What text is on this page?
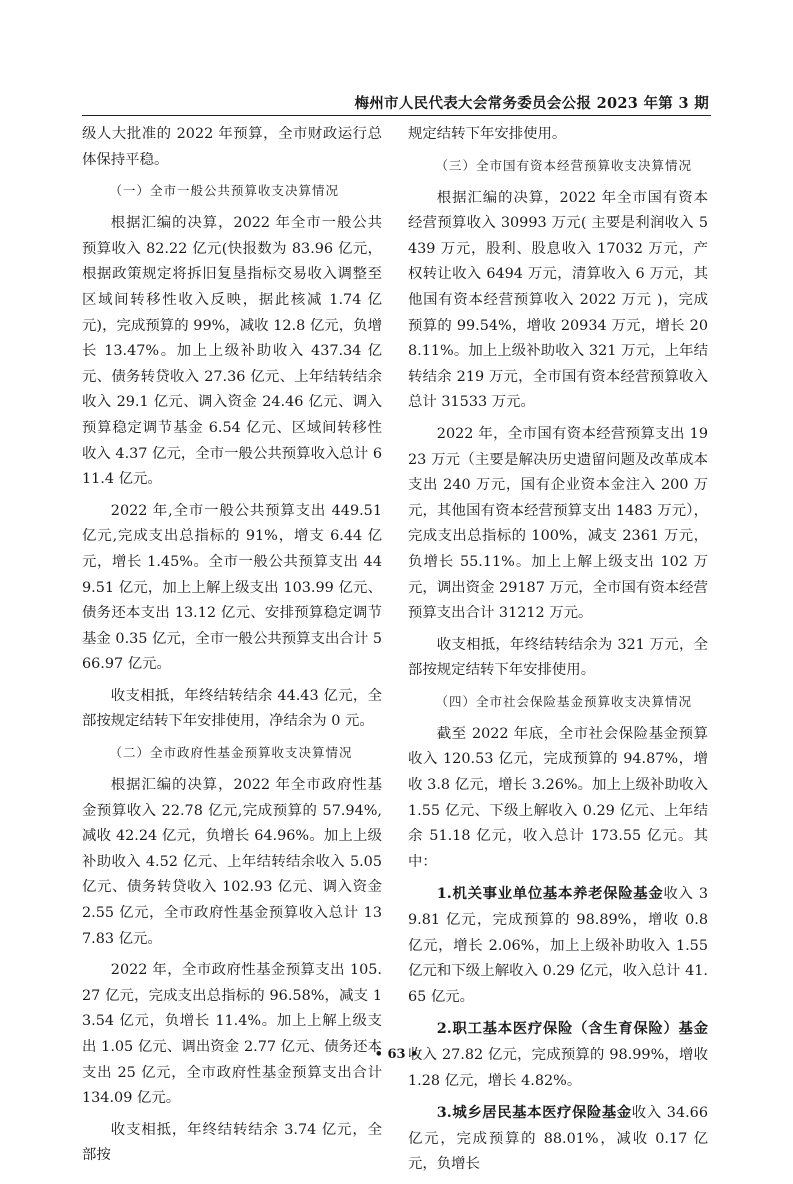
梅州市人民代表大会常务委员会公报 2023 年第 3 期

级人大批准的 2022 年预算，全市财政运行总体保持平稳。

（一）全市一般公共预算收支决算情况

根据汇编的决算，2022 年全市一般公共预算收入 82.22 亿元(快报数为 83.96 亿元，根据政策规定将拆旧复垦指标交易收入调整至区域间转移性收入反映，据此核减 1.74 亿元)，完成预算的 99%，减收 12.8 亿元，负增长 13.47%。加上上级补助收入 437.34 亿元、债务转贷收入 27.36 亿元、上年结转结余收入 29.1 亿元、调入资金 24.46 亿元、调入预算稳定调节基金 6.54 亿元、区域间转移性收入 4.37 亿元，全市一般公共预算收入总计 611.4 亿元。

2022 年,全市一般公共预算支出 449.51 亿元,完成支出总指标的 91%，增支 6.44 亿元，增长 1.45%。全市一般公共预算支出 449.51 亿元，加上上解上级支出 103.99 亿元、债务还本支出 13.12 亿元、安排预算稳定调节基金 0.35 亿元，全市一般公共预算支出合计 566.97 亿元。

收支相抵，年终结转结余 44.43 亿元，全部按规定结转下年安排使用，净结余为 0 元。

（二）全市政府性基金预算收支决算情况

根据汇编的决算，2022 年全市政府性基金预算收入 22.78 亿元,完成预算的 57.94%,减收 42.24 亿元，负增长 64.96%。加上上级补助收入 4.52 亿元、上年结转结余收入 5.05 亿元、债务转贷收入 102.93 亿元、调入资金 2.55 亿元，全市政府性基金预算收入总计 137.83 亿元。

2022 年，全市政府性基金预算支出 105.27 亿元，完成支出总指标的 96.58%，减支 13.54 亿元，负增长 11.4%。加上上解上级支出 1.05 亿元、调出资金 2.77 亿元、债务还本支出 25 亿元，全市政府性基金预算支出合计 134.09 亿元。

收支相抵，年终结转结余 3.74 亿元，全部按

规定结转下年安排使用。

（三）全市国有资本经营预算收支决算情况

根据汇编的决算，2022 年全市国有资本经营预算收入 30993 万元( 主要是利润收入 5439 万元，股利、股息收入 17032 万元，产权转让收入 6494 万元，清算收入 6 万元，其他国有资本经营预算收入 2022 万元 )，完成预算的 99.54%，增收 20934 万元，增长 208.11%。加上上级补助收入 321 万元，上年结转结余 219 万元，全市国有资本经营预算收入总计 31533 万元。

2022 年，全市国有资本经营预算支出 1923 万元（主要是解决历史遗留问题及改革成本支出 240 万元，国有企业资本金注入 200 万元，其他国有资本经营预算支出 1483 万元），完成支出总指标的 100%，减支 2361 万元，负增长 55.11%。加上上解上级支出 102 万元，调出资金 29187 万元，全市国有资本经营预算支出合计 31212 万元。

收支相抵，年终结转结余为 321 万元，全部按规定结转下年安排使用。

（四）全市社会保险基金预算收支决算情况

截至 2022 年底，全市社会保险基金预算收入 120.53 亿元，完成预算的 94.87%，增收 3.8 亿元，增长 3.26%。加上上级补助收入 1.55 亿元、下级上解收入 0.29 亿元、上年结余 51.18 亿元，收入总计 173.55 亿元。其中：

1.机关事业单位基本养老保险基金收入 39.81 亿元，完成预算的 98.89%，增收 0.8 亿元，增长 2.06%，加上上级补助收入 1.55 亿元和下级上解收入 0.29 亿元，收入总计 41.65 亿元。

2.职工基本医疗保险（含生育保险）基金收入 27.82 亿元，完成预算的 98.99%，增收 1.28 亿元，增长 4.82%。

3.城乡居民基本医疗保险基金收入 34.66 亿元，完成预算的 88.01%，减收 0.17 亿元，负增长

• 63 •
